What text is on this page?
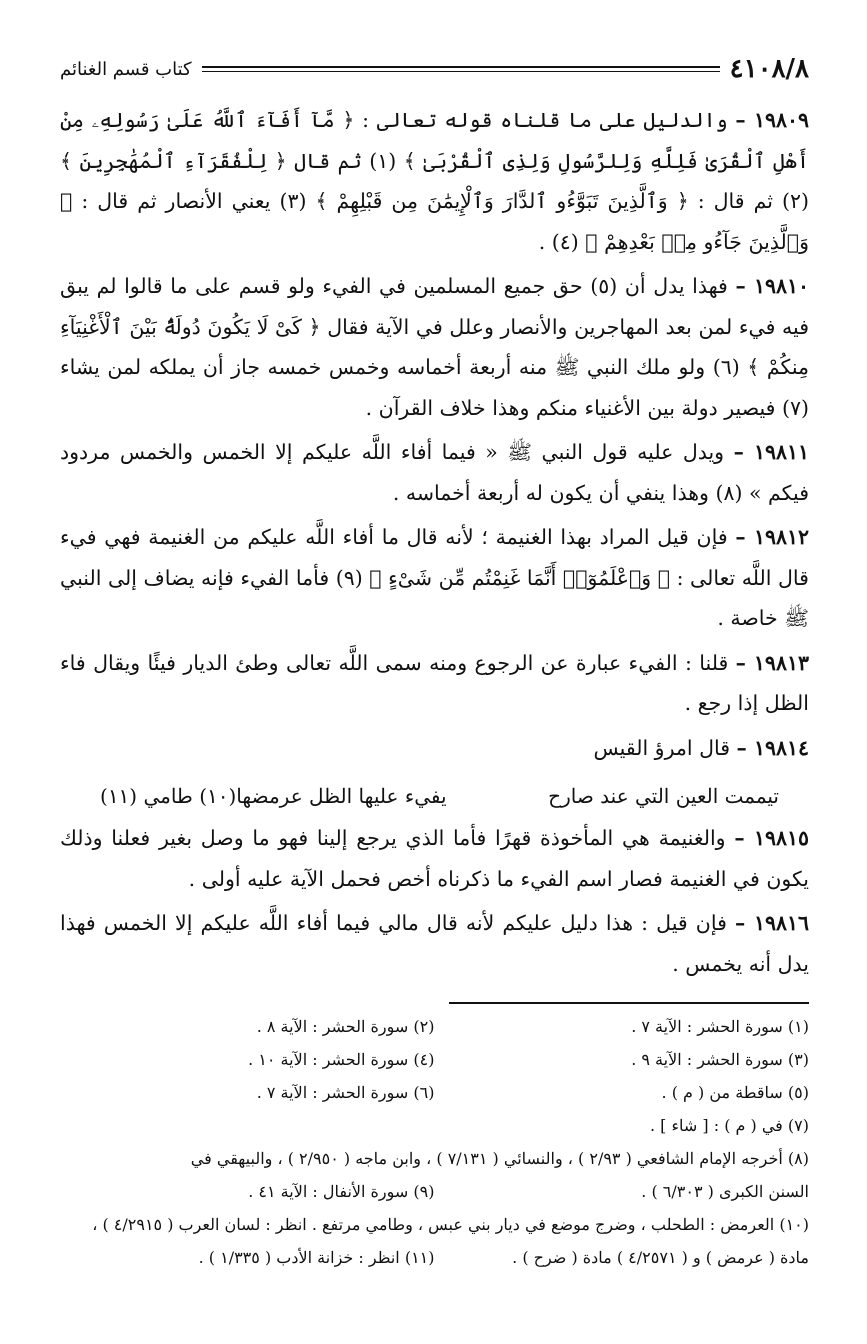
٤١٠٨/٨
كتاب قسم الغنائم

١٩٨٠٩ – والدليل على ما قلناه قوله تعالى : ﴿ مَّآ أَفَآءَ ٱللَّهُ عَلَىٰ رَسُولِهِۦ مِنْ أَهْلِ ٱلْقُرَىٰ فَلِلَّهِ وَلِلرَّسُولِ وَلِذِى ٱلْقُرْبَىٰ ﴾ (١) ثم قال ﴿ لِلْفُقَرَآءِ ٱلْمُهَٰجِرِينَ ﴾ (٢) ثم قال : ﴿ وَٱلَّذِينَ تَبَوَّءُو ٱلدَّارَ وَٱلْإِيمَٰنَ مِن قَبْلِهِمْ ﴾ (٣) يعني الأنصار ثم قال : ﴿ وَٱلَّذِينَ جَآءُو مِنۢ بَعْدِهِمْ ﴾ (٤) .

١٩٨١٠ – فهذا يدل أن (٥) حق جميع المسلمين في الفيء ولو قسم على ما قالوا لم يبق فيه فيء لمن بعد المهاجرين والأنصار وعلل في الآية فقال ﴿ كَىْ لَا يَكُونَ دُولَةًۢ بَيْنَ ٱلْأَغْنِيَآءِ مِنكُمْ ﴾ (٦) ولو ملك النبي ﷺ منه أربعة أخماسه وخمس خمسه جاز أن يملكه لمن يشاء (٧) فيصير دولة بين الأغنياء منكم وهذا خلاف القرآن .

١٩٨١١ – ويدل عليه قول النبي ﷺ « فيما أفاء اللَّه عليكم إلا الخمس والخمس مردود فيكم » (٨) وهذا ينفي أن يكون له أربعة أخماسه .

١٩٨١٢ – فإن قيل المراد بهذا الغنيمة ؛ لأنه قال ما أفاء اللَّه عليكم من الغنيمة فهي فيء قال اللَّه تعالى : ﴿ وَٱعْلَمُوٓا۟ أَنَّمَا غَنِمْتُم مِّن شَىْءٍ ﴾ (٩) فأما الفيء فإنه يضاف إلى النبي ﷺ خاصة .

١٩٨١٣ – قلنا : الفيء عبارة عن الرجوع ومنه سمى اللَّه تعالى وطئ الديار فيئًا ويقال فاء الظل إذا رجع .

١٩٨١٤ – قال امرؤ القيس

تيممت العين التي عند صارح
يفيء عليها الظل عرمضها(١٠) طامي (١١)

١٩٨١٥ – والغنيمة هي المأخوذة قهرًا فأما الذي يرجع إلينا فهو ما وصل بغير فعلنا وذلك يكون في الغنيمة فصار اسم الفيء ما ذكرناه أخص فحمل الآية عليه أولى .

١٩٨١٦ – فإن قيل : هذا دليل عليكم لأنه قال مالي فيما أفاء اللَّه عليكم إلا الخمس فهذا يدل أنه يخمس .

(١) سورة الحشر : الآية ٧ .
(٢) سورة الحشر : الآية ٨ .
(٣) سورة الحشر : الآية ٩ .
(٤) سورة الحشر : الآية ١٠ .
(٥) ساقطة من ( م ) .
(٦) سورة الحشر : الآية ٧ .
(٧) في ( م ) : [ شاء ] .
(٨) أخرجه الإمام الشافعي ( ٢/٩٣ ) ، والنسائي ( ٧/١٣١ ) ، وابن ماجه ( ٢/٩٥٠ ) ، والبيهقي في
السنن الكبرى ( ٦/٣٠٣ ) .
(٩) سورة الأنفال : الآية ٤١ .
(١٠) العرمض : الطحلب ، وضرج موضع في ديار بني عبس ، وطامي مرتفع . انظر : لسان العرب ( ٤/٢٩١٥ ) ،
مادة ( عرمض ) و ( ٤/٢٥٧١ ) مادة ( ضرح ) .
(١١) انظر : خزانة الأدب ( ١/٣٣٥ ) .
